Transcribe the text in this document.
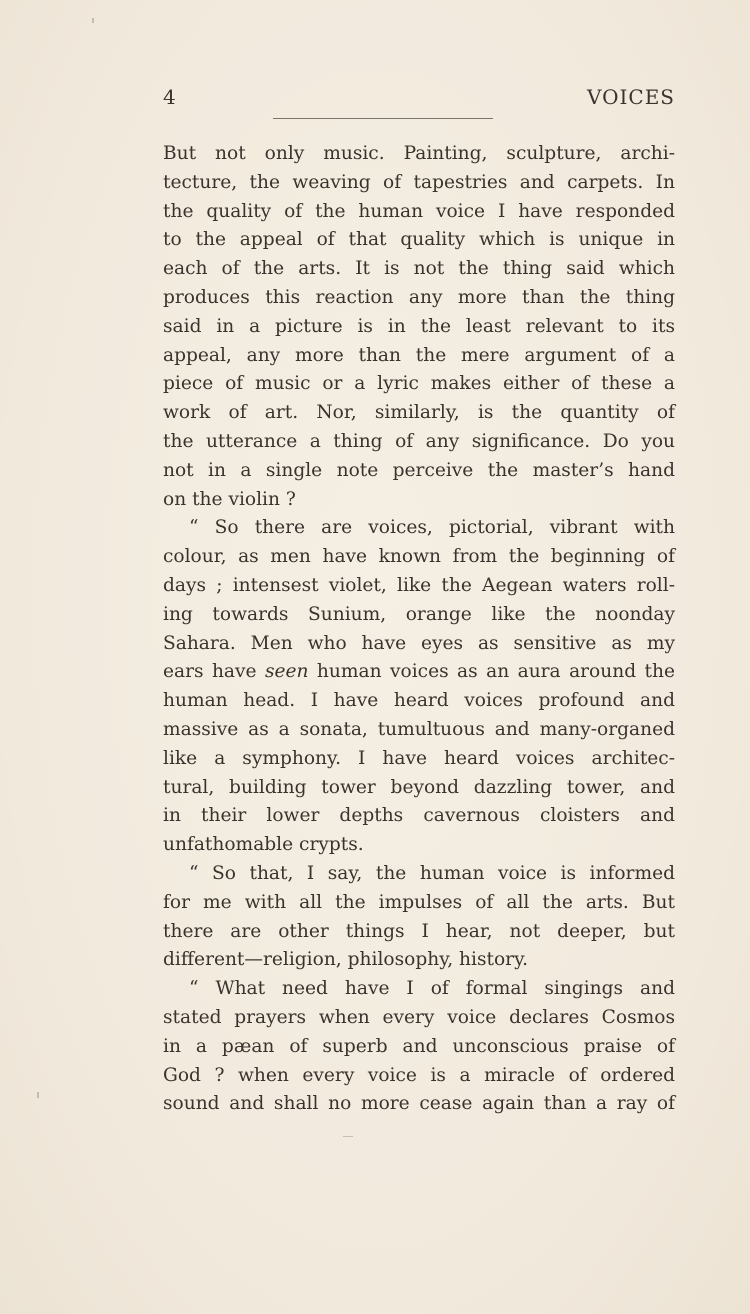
4	VOICES
But not only music. Painting, sculpture, archi-
tecture, the weaving of tapestries and carpets. In
the quality of the human voice I have responded
to the appeal of that quality which is unique in
each of the arts. It is not the thing said which
produces this reaction any more than the thing
said in a picture is in the least relevant to its
appeal, any more than the mere argument of a
piece of music or a lyric makes either of these a
work of art. Nor, similarly, is the quantity of
the utterance a thing of any significance. Do you
not in a single note perceive the master’s hand
on the violin ?
“ So there are voices, pictorial, vibrant with
colour, as men have known from the beginning of
days ; intensest violet, like the Aegean waters roll-
ing towards Sunium, orange like the noonday
Sahara. Men who have eyes as sensitive as my
ears have seen human voices as an aura around the
human head. I have heard voices profound and
massive as a sonata, tumultuous and many-organed
like a symphony. I have heard voices architec-
tural, building tower beyond dazzling tower, and
in their lower depths cavernous cloisters and
unfathomable crypts.
“ So that, I say, the human voice is informed
for me with all the impulses of all the arts. But
there are other things I hear, not deeper, but
different—religion, philosophy, history.
“ What need have I of formal singings and
stated prayers when every voice declares Cosmos
in a pæan of superb and unconscious praise of
God ? when every voice is a miracle of ordered
sound and shall no more cease again than a ray of
